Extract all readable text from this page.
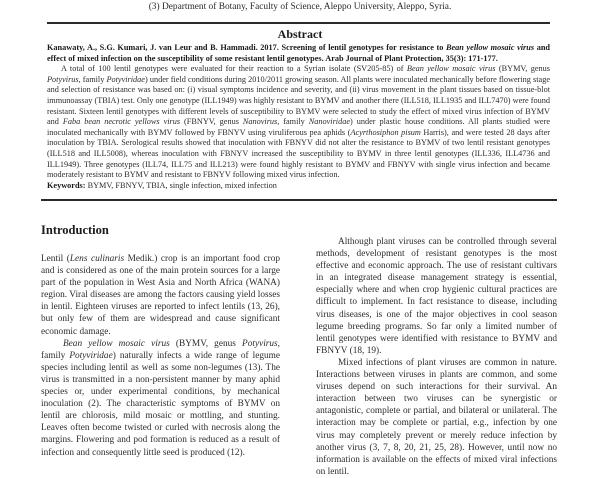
(3) Department of Botany, Faculty of Science, Aleppo University, Aleppo, Syria.
Abstract

Kanawaty, A., S.G. Kumari, J. van Leur and B. Hammadi. 2017. Screening of lentil genotypes for resistance to Bean yellow mosaic virus and effect of mixed infection on the susceptibility of some resistant lentil genotypes. Arab Journal of Plant Protection, 35(3): 171-177.

A total of 100 lentil genotypes were evaluated for their reaction to a Syrian isolate (SV205-85) of Bean yellow mosaic virus (BYMV, genus Potyvirus, family Potyviridae) under field conditions during 2010/2011 growing season. All plants were inoculated mechanically before flowering stage and selection of resistance was based on: (i) visual symptoms incidence and severity, and (ii) virus movement in the plant tissues based on tissue-blot immunoassay (TBIA) test. Only one genotype (ILL1949) was highly resistant to BYMV and another there (ILL518, ILL1935 and ILL7470) were found resistant. Sixteen lentil genotypes with different levels of susceptibility to BYMV were selected to study the effect of mixed virus infection of BYMV and Faba bean necrotic yellows virus (FBNYV, genus Nanovirus, family Nanoviridae) under plastic house conditions. All plants studied were inoculated mechanically with BYMV followed by FBNYV using viruliferous pea aphids (Acyrthosiphon pisum Harris), and were tested 28 days after inoculation by TBIA. Serological results showed that inoculation with FBNYV did not alter the resistance to BYMV of two lentil resistant genotypes (ILL518 and ILL5008), whereas inoculation with FBNYV increased the susceptibility to BYMV in three lentil genotypes (ILL336, ILL4736 and ILL1949). Three genotypes (ILL74, ILL75 and ILL213) were found highly resistant to BYMV and FBNYV with single virus infection and became moderately resistant to BYMV and resistant to FBNYV following mixed virus infection.

Keywords: BYMV, FBNYV, TBIA, single infection, mixed infection

Introduction

Lentil (Lens culinaris Medik.) crop is an important food crop and is considered as one of the main protein sources for a large part of the population in West Asia and North Africa (WANA) region. Viral diseases are among the factors causing yield losses in lentil. Eighteen viruses are reported to infect lentils (13, 26), but only few of them are widespread and cause significant economic damage.

Bean yellow mosaic virus (BYMV, genus Potyvirus, family Potyviridae) naturally infects a wide range of legume species including lentil as well as some non-legumes (13). The virus is transmitted in a non-persistent manner by many aphid species or, under experimental conditions, by mechanical inoculation (2). The characteristic symptoms of BYMV on lentil are chlorosis, mild mosaic or mottling, and stunting. Leaves often become twisted or curled with necrosis along the margins. Flowering and pod formation is reduced as a result of infection and consequently little seed is produced (12).

Although plant viruses can be controlled through several methods, development of resistant genotypes is the most effective and economic approach. The use of resistant cultivars in an integrated disease management strategy is essential, especially where and when crop hygienic cultural practices are difficult to implement. In fact resistance to disease, including virus diseases, is one of the major objectives in cool season legume breeding programs. So far only a limited number of lentil genotypes were identified with resistance to BYMV and FBNYV (18, 19).

Mixed infections of plant viruses are common in nature. Interactions between viruses in plants are common, and some viruses depend on such interactions for their survival. An interaction between two viruses can be synergistic or antagonistic, complete or partial, and bilateral or unilateral. The interaction may be complete or partial, e.g., infection by one virus may completely prevent or merely reduce infection by another virus (3, 7, 8, 20, 21, 25, 28). However, until now no information is available on the effects of mixed viral infections on lentil.
